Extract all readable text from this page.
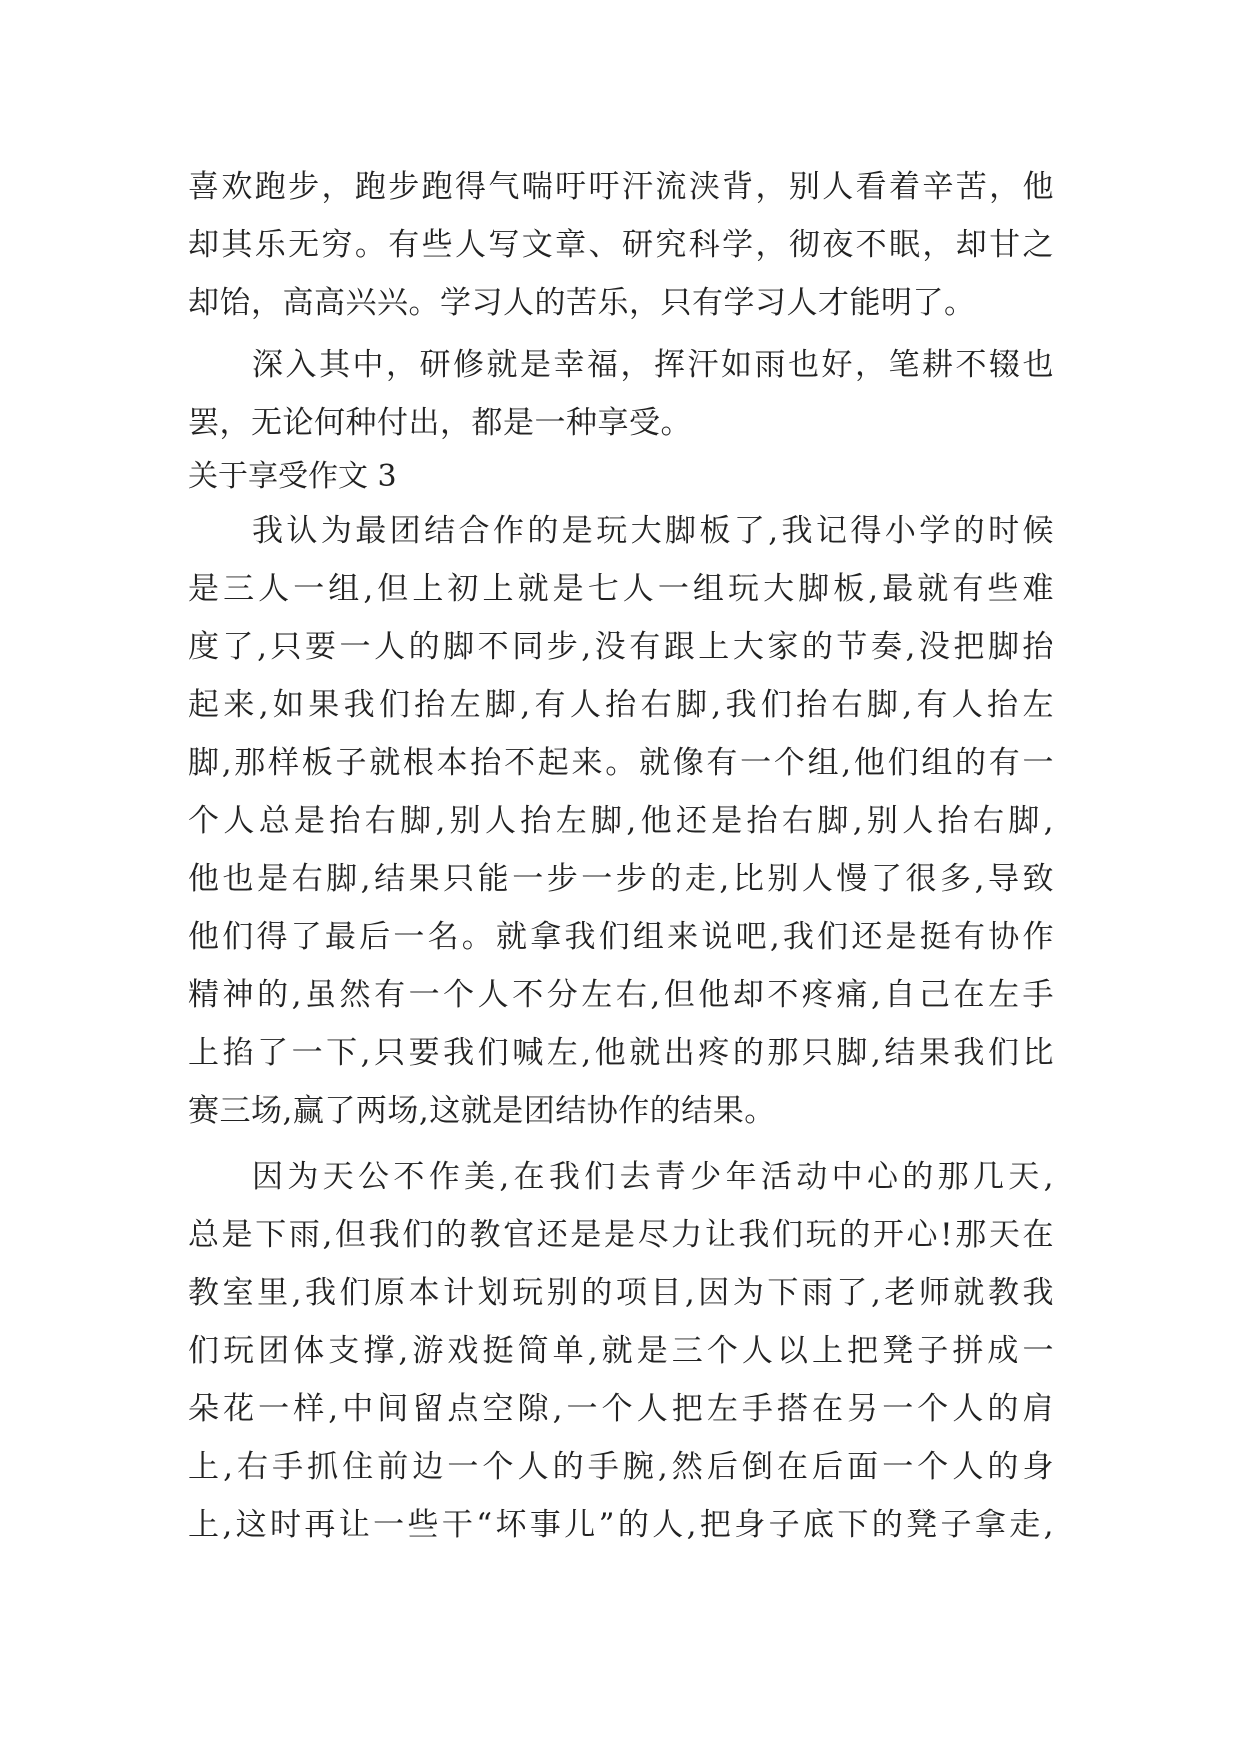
喜欢跑步，跑步跑得气喘吁吁汗流浃背，别人看着辛苦，他
却其乐无穷。有些人写文章、研究科学，彻夜不眠，却甘之
却饴，高高兴兴。学习人的苦乐，只有学习人才能明了。
深入其中，研修就是幸福，挥汗如雨也好，笔耕不辍也
罢，无论何种付出，都是一种享受。
关于享受作文 3
我认为最团结合作的是玩大脚板了,我记得小学的时候
是三人一组,但上初上就是七人一组玩大脚板,最就有些难
度了,只要一人的脚不同步,没有跟上大家的节奏,没把脚抬
起来,如果我们抬左脚,有人抬右脚,我们抬右脚,有人抬左
脚,那样板子就根本抬不起来。就像有一个组,他们组的有一
个人总是抬右脚,别人抬左脚,他还是抬右脚,别人抬右脚,
他也是右脚,结果只能一步一步的走,比别人慢了很多,导致
他们得了最后一名。就拿我们组来说吧,我们还是挺有协作
精神的,虽然有一个人不分左右,但他却不疼痛,自己在左手
上掐了一下,只要我们喊左,他就出疼的那只脚,结果我们比
赛三场,赢了两场,这就是团结协作的结果。
因为天公不作美,在我们去青少年活动中心的那几天,
总是下雨,但我们的教官还是是尽力让我们玩的开心!那天在
教室里,我们原本计划玩别的项目,因为下雨了,老师就教我
们玩团体支撑,游戏挺简单,就是三个人以上把凳子拼成一
朵花一样,中间留点空隙,一个人把左手搭在另一个人的肩
上,右手抓住前边一个人的手腕,然后倒在后面一个人的身
上,这时再让一些干“坏事儿”的人,把身子底下的凳子拿走,
